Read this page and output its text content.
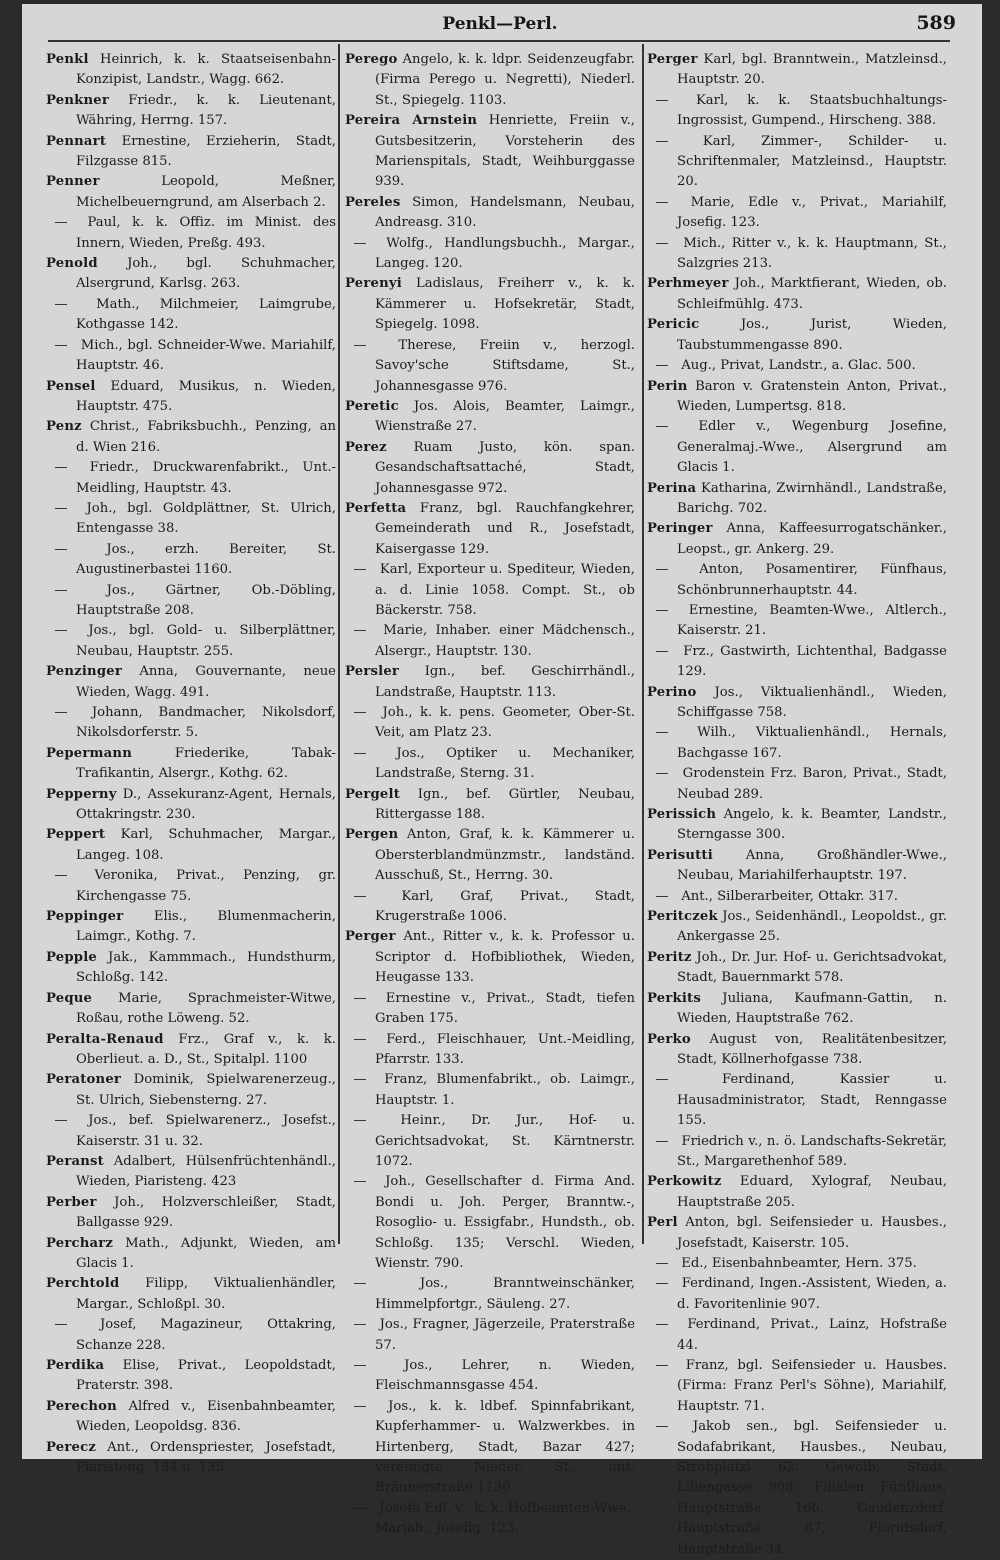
Penkl—Perl.	589

Penkl Heinrich, k. k. Staatseisenbahn-Konzipist, Landstr., Wagg. 662.

Penkner Friedr., k. k. Lieutenant, Währing, Herrng. 157.

Pennart Ernestine, Erzieherin, Stadt, Filzgasse 815.

Penner	Leopold, Meßner, Michelbeuerngrund, am Alserbach 2.

— Paul, k. k. Offiz. im Minist. des Innern, Wieden, Preßg. 493.

Penold Joh., bgl. Schuhmacher, Alsergrund, Karlsg. 263.

— Math., Milchmeier, Laimgrube, Kothgasse 142.

— Mich., bgl. Schneider-Wwe. Mariahilf, Hauptstr. 46.

Pensel Eduard, Musikus, n. Wieden, Hauptstr. 475.

Penz Christ., Fabriksbuchh., Penzing, an d. Wien 216.

— Friedr., Druckwarenfabrikt., Unt.-Meidling, Hauptstr. 43.

— Joh., bgl. Goldplättner, St. Ulrich, Entengasse 38.

—	Jos., erzh. Bereiter, St. Augustinerbastei 1160.

—	Jos., Gärtner, Ob.-Döbling, Hauptstraße 208.

— Jos., bgl. Gold- u. Silberplättner, Neubau, Hauptstr. 255.

Penzinger Anna, Gouvernante, neue Wieden, Wagg. 491.

— Johann, Bandmacher, Nikolsdorf, Nikolsdorferstr. 5.

Pepermann	Friederike, Tabak-Trafikantin, Alsergr., Kothg. 62.

Pepperny D., Assekuranz-Agent, Hernals, Ottakringstr. 230.

Peppert Karl, Schuhmacher, Margar., Langeg. 108.

— Veronika, Privat., Penzing, gr. Kirchengasse 75.

Peppinger Elis., Blumenmacherin, Laimgr., Kothg. 7.

Pepple Jak., Kammmach., Hundsthurm, Schloßg. 142.

Peque Marie, Sprachmeister-Witwe, Roßau, rothe Löweng. 52.

Peralta-Renaud Frz., Graf v., k. k. Oberlieut. a. D., St., Spitalpl. 1100

Peratoner Dominik, Spielwarenerzeug., St. Ulrich, Siebensterng. 27.

— Jos., bef. Spielwarenerz., Josefst., Kaiserstr. 31 u. 32.

Peranst Adalbert, Hülsenfrüchtenhändl., Wieden, Piaristeng. 423

Perber Joh., Holzverschleißer, Stadt, Ballgasse 929.

Percharz Math., Adjunkt, Wieden, am Glacis 1.

Perchtold Filipp, Viktualienhändler, Margar., Schloßpl. 30.

— Josef, Magazineur, Ottakring, Schanze 228.

Perdika Elise, Privat., Leopoldstadt, Praterstr. 398.

Perechon Alfred v., Eisenbahnbeamter, Wieden, Leopoldsg. 836.

Perecz Ant., Ordenspriester, Josefstadt, Piaristeng. 134 u. 135.

Perego Angelo, k. k. ldpr. Seidenzeugfabr. (Firma Perego u. Negretti), Niederl. St., Spiegelg. 1103.

Pereira Arnstein Henriette, Freiin v., Gutsbesitzerin, Vorsteherin des Marienspitals, Stadt, Weihburggasse 939.

Pereles Simon, Handelsmann, Neubau, Andreasg. 310.

— Wolfg., Handlungsbuchh., Margar., Langeg. 120.

Perenyi Ladislaus, Freiherr v., k. k. Kämmerer u. Hofsekretär, Stadt, Spiegelg. 1098.

— Therese, Freiin v., herzogl. Savoy'sche Stiftsdame, St., Johannesgasse 976.

Peretic Jos. Alois, Beamter, Laimgr., Wienstraße 27.

Perez Ruam Justo, kön. span. Gesandschaftsattaché, Stadt, Johannesgasse 972.

Perfetta Franz, bgl. Rauchfangkehrer, Gemeinderath und R., Josefstadt, Kaisergasse 129.

— Karl, Exporteur u. Spediteur, Wieden, a. d. Linie 1058. Compt. St., ob Bäckerstr. 758.

— Marie, Inhaber. einer Mädchensch., Alsergr., Hauptstr. 130.

Persler Ign., bef. Geschirrhändl., Landstraße, Hauptstr. 113.

— Joh., k. k. pens. Geometer, Ober-St. Veit, am Platz 23.

— Jos., Optiker u. Mechaniker, Landstraße, Sterng. 31.

Pergelt Ign., bef. Gürtler, Neubau, Rittergasse 188.

Pergen Anton, Graf, k. k. Kämmerer u. Obersterblandmünzmstr., landständ. Ausschuß, St., Herrng. 30.

—	Karl, Graf, Privat., Stadt, Krugerstraße 1006.

Perger Ant., Ritter v., k. k. Professor u. Scriptor d. Hofbibliothek, Wieden, Heugasse 133.

— Ernestine v., Privat., Stadt, tiefen Graben 175.

— Ferd., Fleischhauer, Unt.-Meidling, Pfarrstr. 133.

— Franz, Blumenfabrikt., ob. Laimgr., Hauptstr. 1.

—	Heinr., Dr. Jur., Hof- u. Gerichtsadvokat, St. Kärntnerstr. 1072.

— Joh., Gesellschafter d. Firma And. Bondi u. Joh. Perger, Branntw.-, Rosoglio- u. Essigfabr., Hundsth., ob. Schloßg. 135; Verschl. Wieden, Wienstr. 790.

—	Jos., Branntweinschänker, Himmelpfortgr., Säuleng. 27.

— Jos., Fragner, Jägerzeile, Praterstraße 57.

—	Jos., Lehrer, n. Wieden, Fleischmannsgasse 454.

— Jos., k. k. ldbef. Spinnfabrikant, Kupferhammer- u. Walzwerkbes. in Hirtenberg, Stadt, Bazar 427; vereinigte Nieder. St., unt. Bräunerstraße 1130.

— Josefa Edl. v., k. k. Hofbeamten-Wwe., Mariah., Josefig. 123.

Perger Karl, bgl. Branntwein., Matzleinsd., Hauptstr. 20.

— Karl, k. k. Staatsbuchhaltungs-Ingrossist, Gumpend., Hirscheng. 388.

—	Karl, Zimmer-, Schilder- u. Schriftenmaler, Matzleinsd., Hauptstr. 20.

— Marie, Edle v., Privat., Mariahilf, Josefig. 123.

— Mich., Ritter v., k. k. Hauptmann, St., Salzgries 213.

Perhmeyer Joh., Marktfierant, Wieden, ob. Schleifmühlg. 473.

Pericic	Jos., Jurist, Wieden, Taubstummengasse 890.

— Aug., Privat, Landstr., a. Glac. 500.

Perin Baron v. Gratenstein Anton, Privat., Wieden, Lumpertsg. 818.

— Edler v., Wegenburg Josefine, Generalmaj.-Wwe., Alsergrund am Glacis 1.

Perina Katharina, Zwirnhändl., Landstraße, Barichg. 702.

Peringer Anna, Kaffeesurrogatschänker., Leopst., gr. Ankerg. 29.

— Anton, Posamentirer, Fünfhaus, Schönbrunnerhauptstr. 44.

— Ernestine, Beamten-Wwe., Altlerch., Kaiserstr. 21.

— Frz., Gastwirth, Lichtenthal, Badgasse 129.

Perino Jos., Viktualienhändl., Wieden, Schiffgasse 758.

— Wilh., Viktualienhändl., Hernals, Bachgasse 167.

— Grodenstein Frz. Baron, Privat., Stadt, Neubad 289.

Perissich Angelo, k. k. Beamter, Landstr., Sterngasse 300.

Perisutti Anna, Großhändler-Wwe., Neubau, Mariahilferhauptstr. 197.

— Ant., Silberarbeiter, Ottakr. 317.

Peritczek Jos., Seidenhändl., Leopoldst., gr. Ankergasse 25.

Peritz Joh., Dr. Jur. Hof- u. Gerichtsadvokat, Stadt, Bauernmarkt 578.

Perkits Juliana, Kaufmann-Gattin, n. Wieden, Hauptstraße 762.

Perko August von, Realitätenbesitzer, Stadt, Köllnerhofgasse 738.

—	Ferdinand, Kassier u. Hausadministrator, Stadt, Renngasse 155.

— Friedrich v., n. ö. Landschafts-Sekretär, St., Margarethenhof 589.

Perkowitz Eduard, Xylograf, Neubau, Hauptstraße 205.

Perl Anton, bgl. Seifensieder u. Hausbes., Josefstadt, Kaiserstr. 105.

— Ed., Eisenbahnbeamter, Hern. 375.

— Ferdinand, Ingen.-Assistent, Wieden, a. d. Favoritenlinie 907.

— Ferdinand, Privat., Lainz, Hofstraße 44.

— Franz, bgl. Seifensieder u. Hausbes. (Firma: Franz Perl's Söhne), Mariahilf, Hauptstr. 71.

— Jakob sen., bgl. Seifensieder u. Sodafabrikant, Hausbes., Neubau, Strohplatzl 62. Gewölb, Stadt, Liliengasse 908; Filialen Fünfhaus, Hauptstraße 166, Gaudenzdorf, Hauptstraße 87, Floridsdorf, Hauptstraße 34.
